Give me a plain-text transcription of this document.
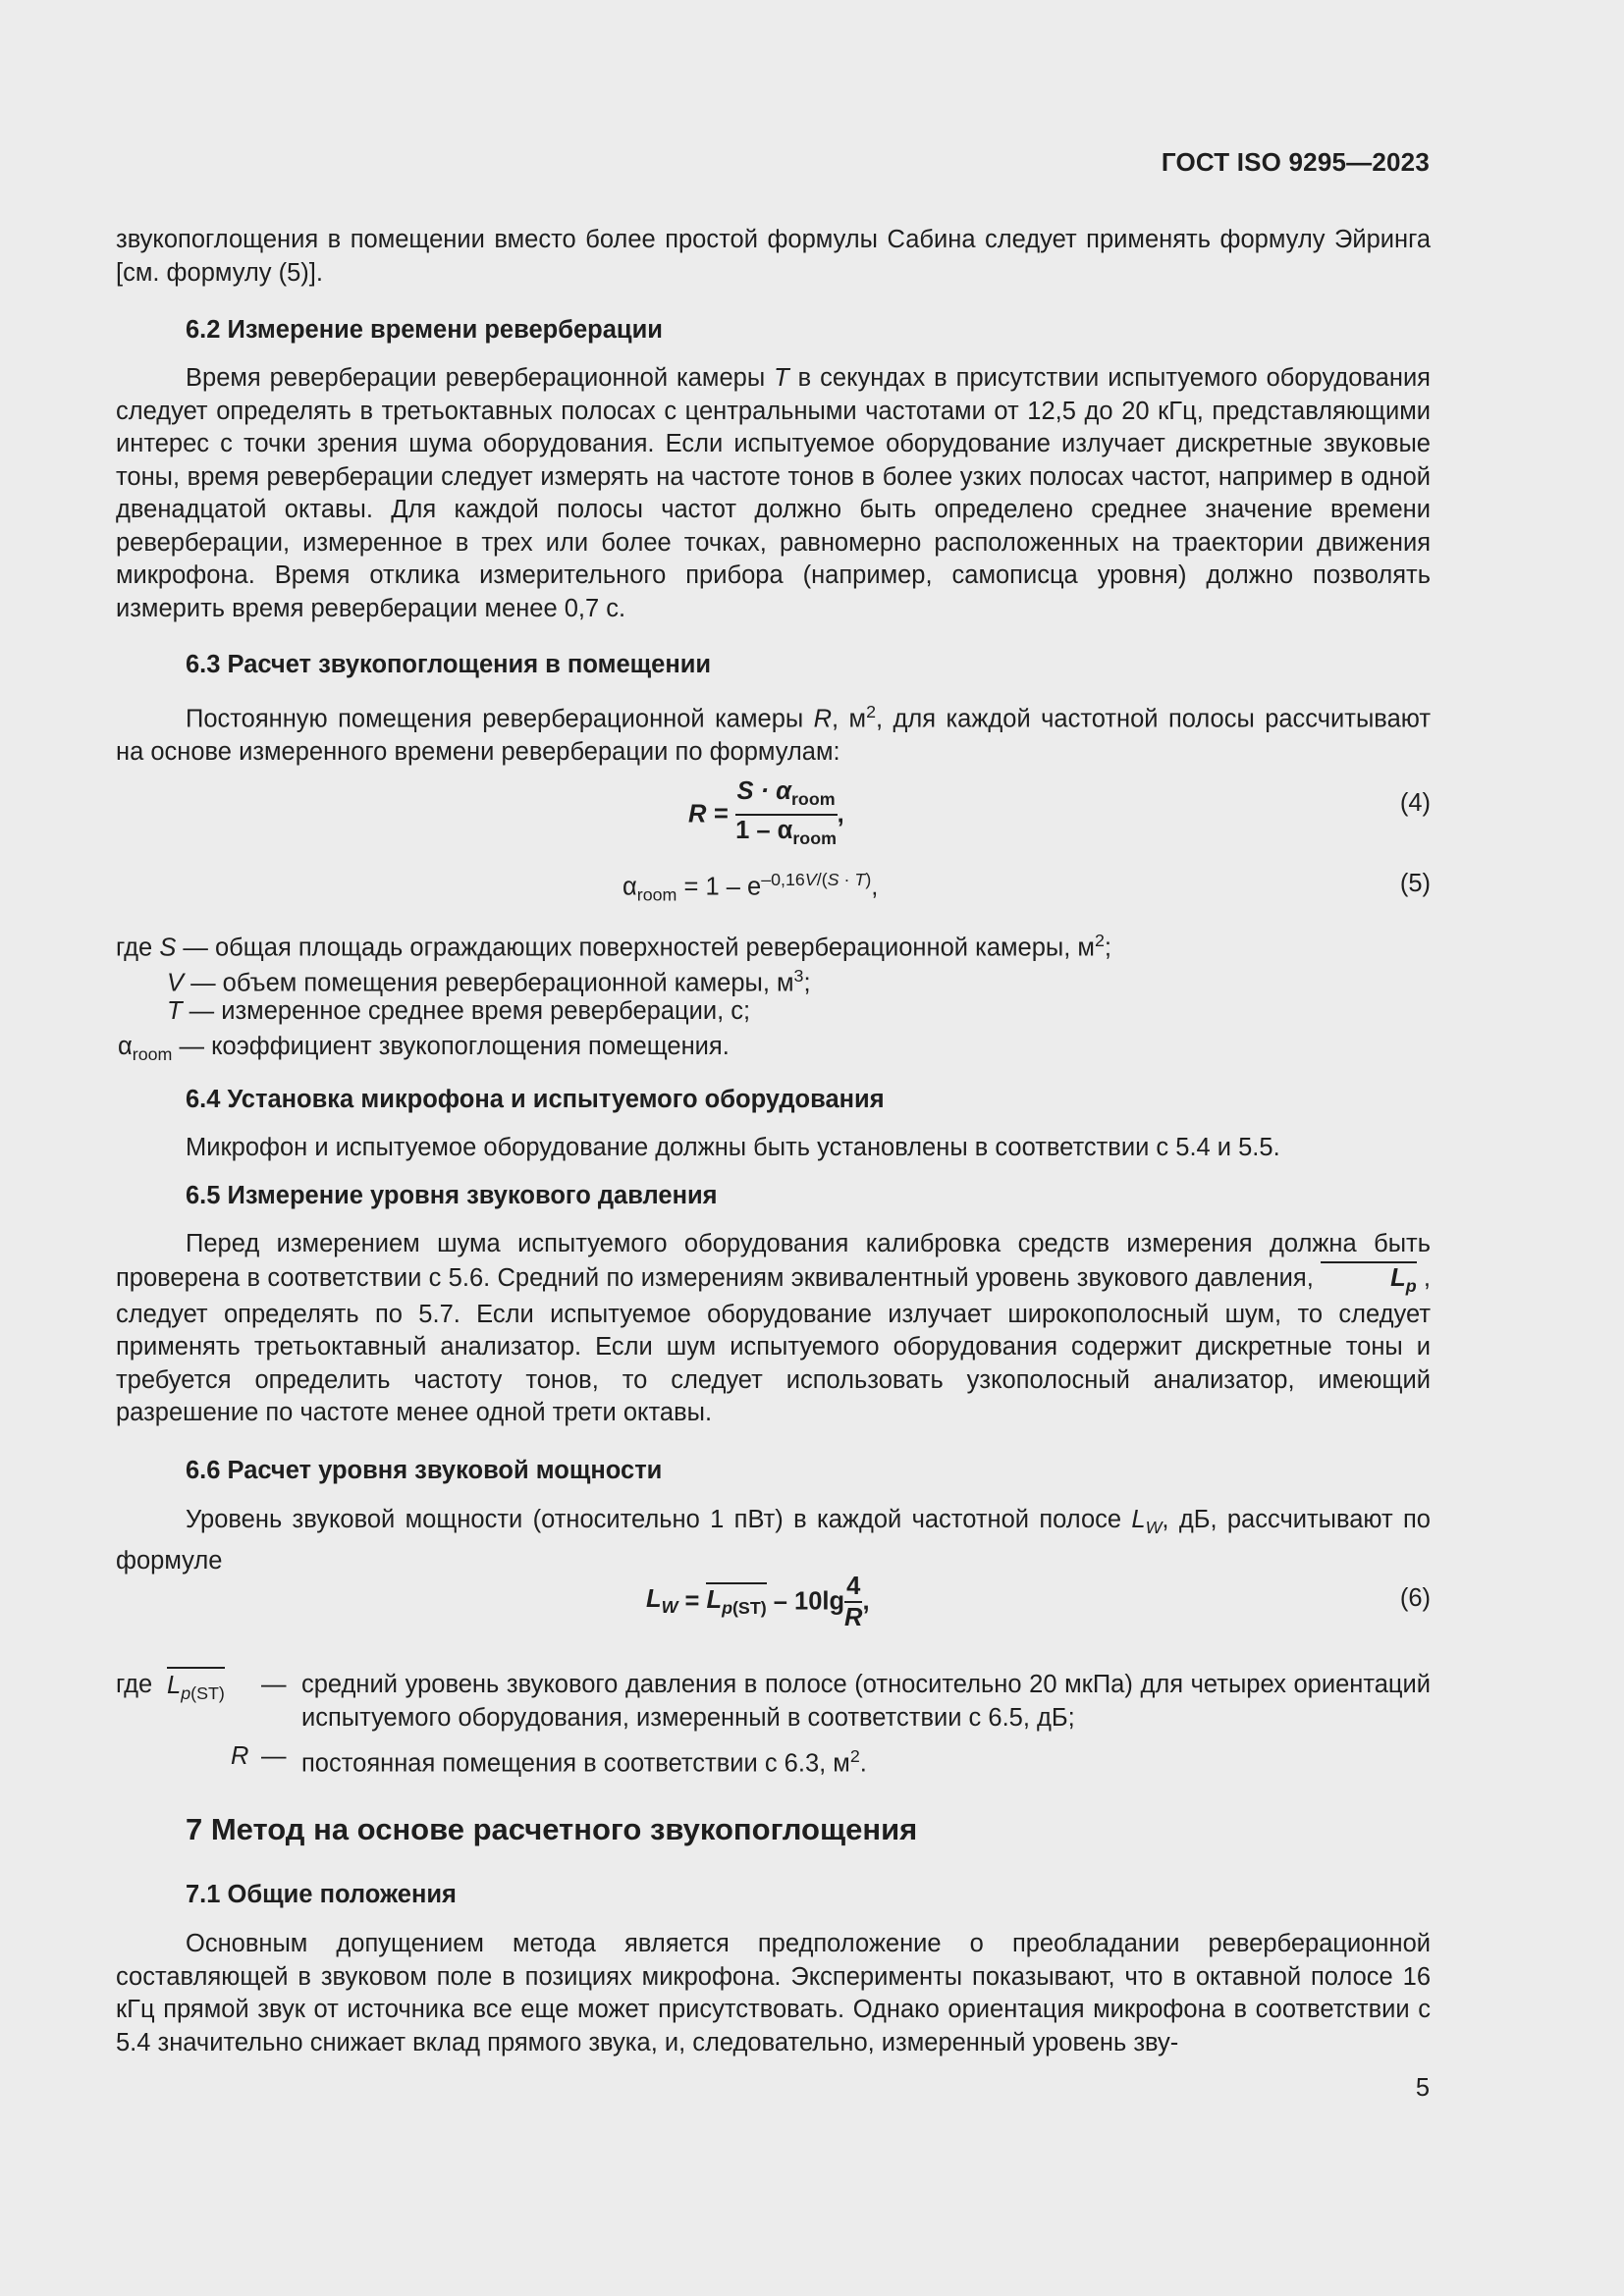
ГОСТ ISO 9295—2023
звукопоглощения в помещении вместо более простой формулы Сабина следует применять формулу Эйринга [см. формулу (5)].
6.2 Измерение времени реверберации
Время реверберации реверберационной камеры T в секундах в присутствии испытуемого оборудования следует определять в третьоктавных полосах с центральными частотами от 12,5 до 20 кГц, представляющими интерес с точки зрения шума оборудования. Если испытуемое оборудование излучает дискретные звуковые тоны, время реверберации следует измерять на частоте тонов в более узких полосах частот, например в одной двенадцатой октавы. Для каждой полосы частот должно быть определено среднее значение времени реверберации, измеренное в трех или более точках, равномерно расположенных на траектории движения микрофона. Время отклика измерительного прибора (например, самописца уровня) должно позволять измерить время реверберации менее 0,7 с.
6.3 Расчет звукопоглощения в помещении
Постоянную помещения реверберационной камеры R, $м^2$, для каждой частотной полосы рассчитывают на основе измеренного времени реверберации по формулам:
$R = \frac{S \cdot \alpha_{room}}{1 - \alpha_{room}}$ ,	(4)
$\alpha_{room} = 1 - e^{-0,16V/(S \cdot T)}$,	(5)
где S — общая площадь ограждающих поверхностей реверберационной камеры, $м^2$;
V — объем помещения реверберационной камеры, $м^3$;
T — измеренное среднее время реверберации, с;
$\alpha_{room}$ — коэффициент звукопоглощения помещения.
6.4 Установка микрофона и испытуемого оборудования
Микрофон и испытуемое оборудование должны быть установлены в соответствии с 5.4 и 5.5.
6.5 Измерение уровня звукового давления
Перед измерением шума испытуемого оборудования калибровка средств измерения должна быть проверена в соответствии с 5.6. Средний по измерениям эквивалентный уровень звукового давления,	$L_p$ , следует определять по 5.7. Если испытуемое оборудование излучает широкополосный шум, то следует применять третьоктавный анализатор. Если шум испытуемого оборудования содержит дискретные тоны и требуется определить частоту тонов, то следует использовать узкополосный анализатор, имеющий разрешение по частоте менее одной трети октавы.
6.6 Расчет уровня звуковой мощности
Уровень звуковой мощности (относительно 1 пВт) в каждой частотной полосе $L_W$, дБ, рассчитывают по формуле
$L_W = L_{p(ST)} - 10\lg \frac{4}{R}$ ,	(6)
где $L_{p(ST)}$ — средний уровень звукового давления в полосе (относительно 20 мкПа) для четырех ориентаций испытуемого оборудования, измеренный в соответствии с 6.5, дБ;
R — постоянная помещения в соответствии с 6.3, $м^2$.
7 Метод на основе расчетного звукопоглощения
7.1 Общие положения
Основным допущением метода является предположение о преобладании реверберационной составляющей в звуковом поле в позициях микрофона. Эксперименты показывают, что в октавной полосе 16 кГц прямой звук от источника все еще может присутствовать. Однако ориентация микрофона в соответствии с 5.4 значительно снижает вклад прямого звука, и, следовательно, измеренный уровень зву-
5
